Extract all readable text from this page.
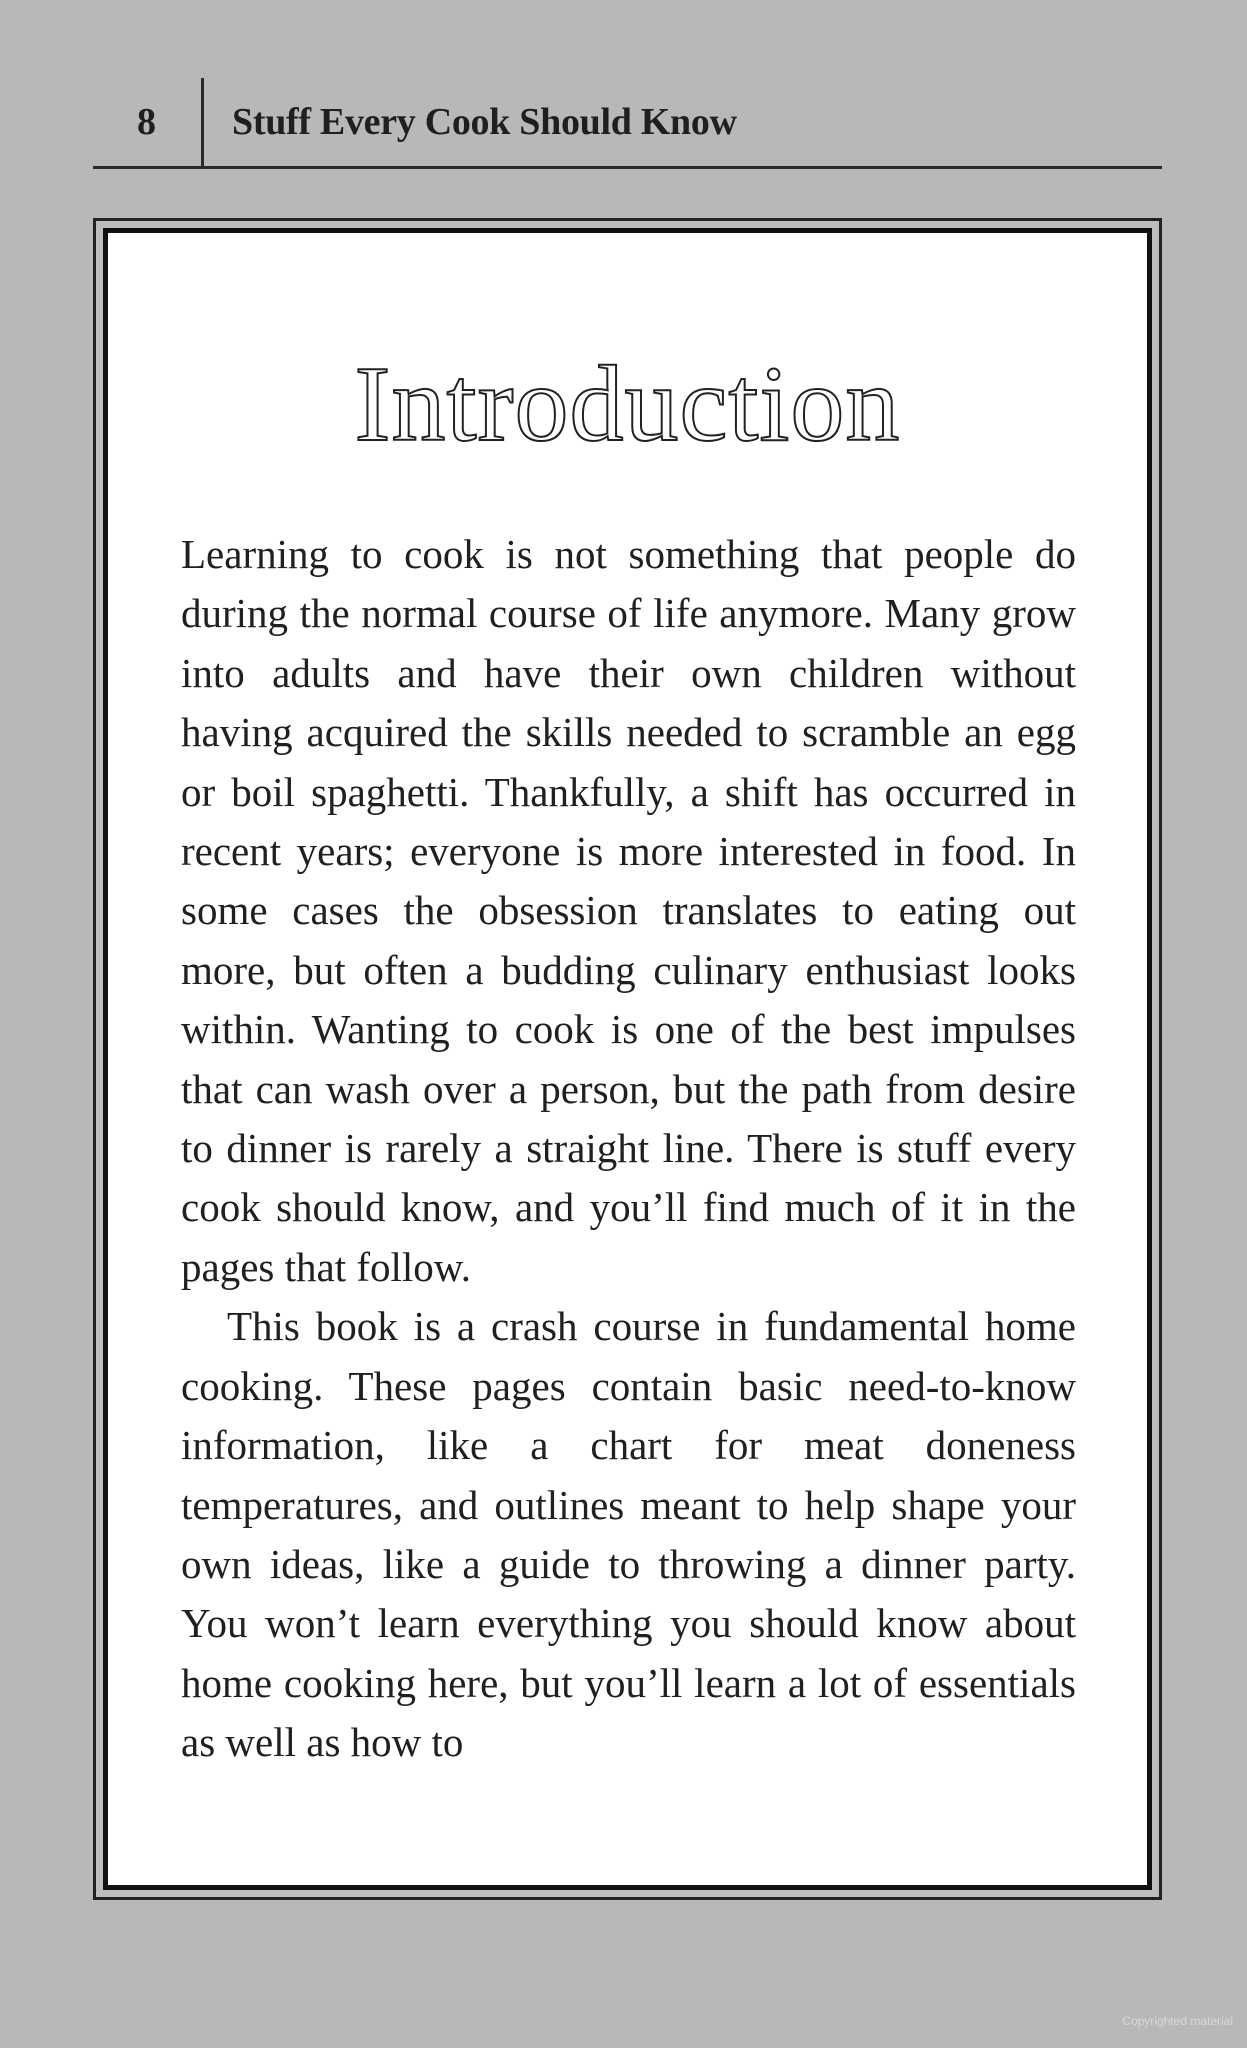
8 Stuff Every Cook Should Know
Introduction

Learning to cook is not something that people do during the normal course of life anymore. Many grow into adults and have their own children without having acquired the skills needed to scramble an egg or boil spaghetti. Thankfully, a shift has occurred in recent years; everyone is more interested in food. In some cases the obsession translates to eating out more, but often a budding culinary enthusiast looks within. Wanting to cook is one of the best impulses that can wash over a person, but the path from desire to dinner is rarely a straight line. There is stuff every cook should know, and you’ll find much of it in the pages that follow.

This book is a crash course in fundamental home cooking. These pages contain basic need-to-know information, like a chart for meat doneness temperatures, and outlines meant to help shape your own ideas, like a guide to throwing a dinner party. You won’t learn everything you should know about home cooking here, but you’ll learn a lot of essentials as well as how to

Copyrighted material
